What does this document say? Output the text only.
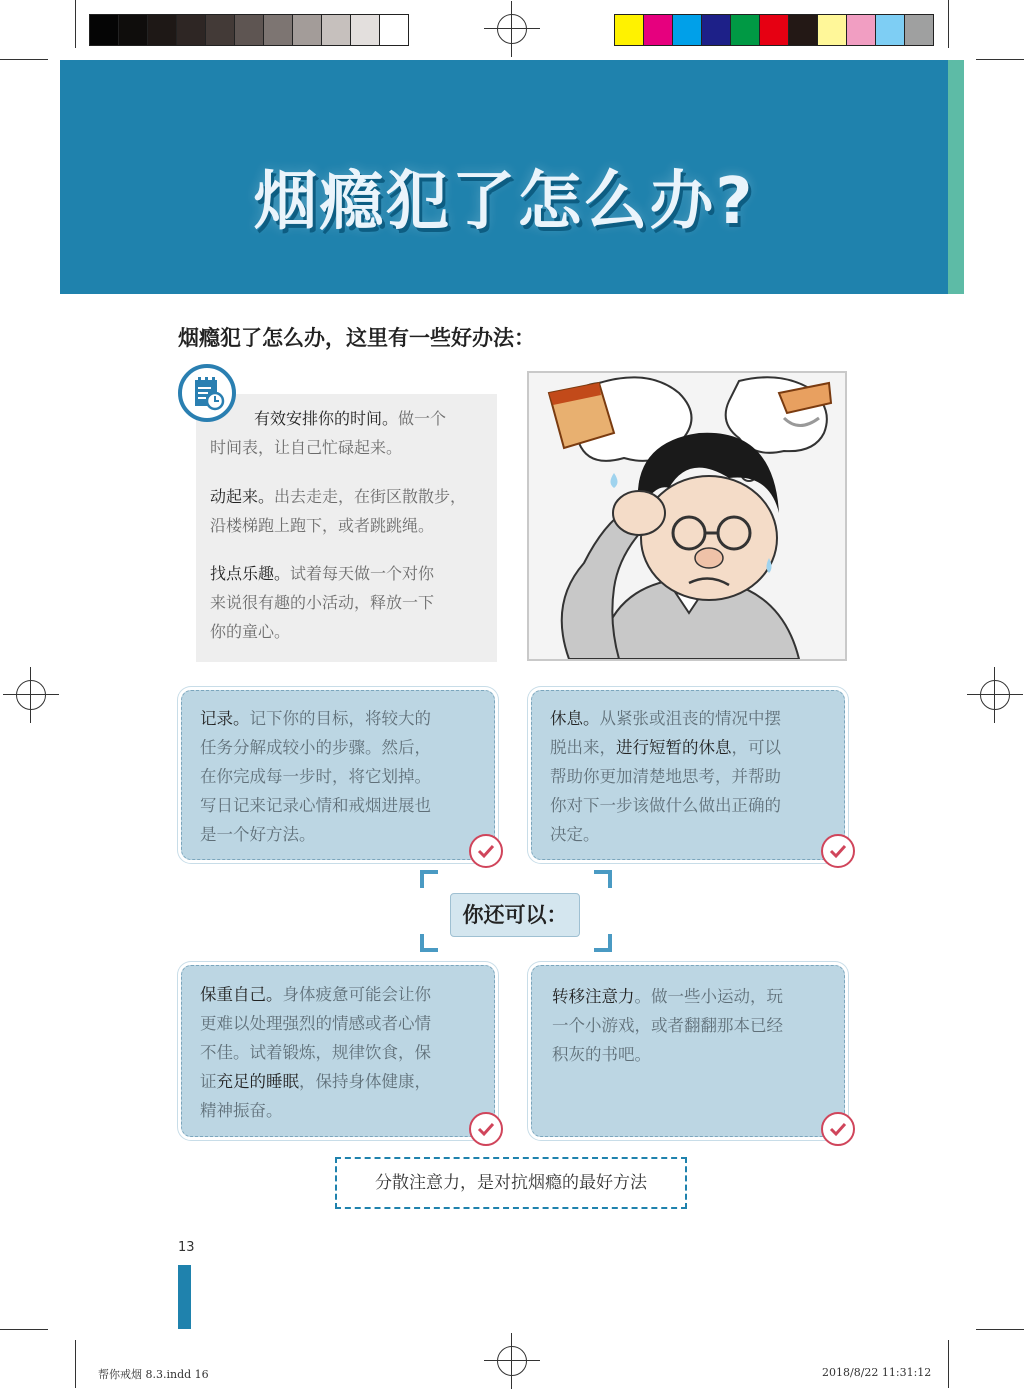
烟瘾犯了怎么办?
烟瘾犯了怎么办，这里有一些好办法：
有效安排你的时间。做一个
时间表，让自己忙碌起来。
动起来。出去走走，在街区散散步，
沿楼梯跑上跑下，或者跳跳绳。
找点乐趣。试着每天做一个对你
来说很有趣的小活动，释放一下
你的童心。
记录。记下你的目标，将较大的
任务分解成较小的步骤。然后，
在你完成每一步时，将它划掉。
写日记来记录心情和戒烟进展也
是一个好方法。
休息。从紧张或沮丧的情况中摆
脱出来，进行短暂的休息，可以
帮助你更加清楚地思考，并帮助
你对下一步该做什么做出正确的
决定。
你还可以：
保重自己。身体疲惫可能会让你
更难以处理强烈的情感或者心情
不佳。试着锻炼，规律饮食，保
证充足的睡眠，保持身体健康，
精神振奋。
转移注意力。做一些小运动，玩
一个小游戏，或者翻翻那本已经
积灰的书吧。
分散注意力，是对抗烟瘾的最好方法
13
帮你戒烟 8.3.indd 16	2018/8/22 11:31:12
